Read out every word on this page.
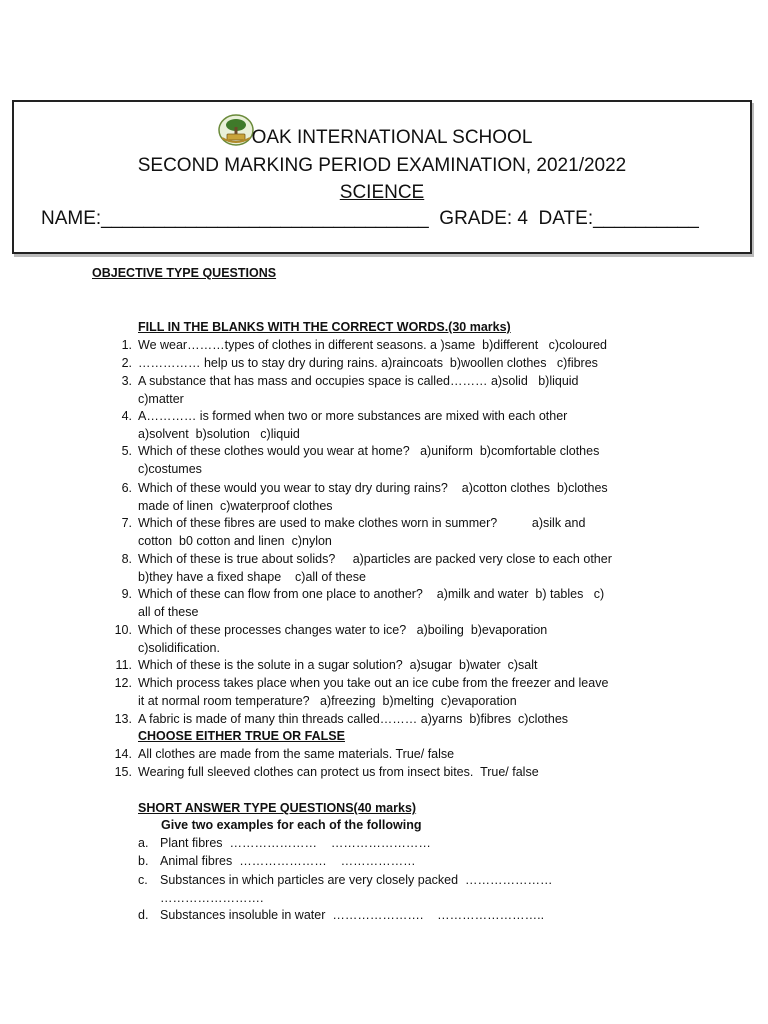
OAK INTERNATIONAL SCHOOL
SECOND MARKING PERIOD EXAMINATION, 2021/2022
SCIENCE
NAME:_______________________________  GRADE: 4  DATE:__________
OBJECTIVE TYPE QUESTIONS
FILL IN THE BLANKS WITH THE CORRECT WORDS.(30 marks)
1. We wear………types of clothes in different seasons. a )same  b)different   c)coloured
2. …………… help us to stay dry during rains. a)raincoats  b)woollen clothes   c)fibres
3. A substance that has mass and occupies space is called……… a)solid   b)liquid
c)matter
4. A………… is formed when two or more substances are mixed with each other
a)solvent  b)solution   c)liquid
5. Which of these clothes would you wear at home?   a)uniform  b)comfortable clothes
c)costumes
6. Which of these would you wear to stay dry during rains?    a)cotton clothes  b)clothes
made of linen  c)waterproof clothes
7. Which of these fibres are used to make clothes worn in summer?          a)silk and
cotton  b0 cotton and linen  c)nylon
8. Which of these is true about solids?     a)particles are packed very close to each other
b)they have a fixed shape    c)all of these
9. Which of these can flow from one place to another?    a)milk and water  b) tables   c)
all of these
10. Which of these processes changes water to ice?   a)boiling  b)evaporation
c)solidification.
11. Which of these is the solute in a sugar solution?  a)sugar  b)water  c)salt
12. Which process takes place when you take out an ice cube from the freezer and leave
it at normal room temperature?   a)freezing  b)melting  c)evaporation
13. A fabric is made of many thin threads called……… a)yarns  b)fibres  c)clothes
CHOOSE EITHER TRUE OR FALSE
14. All clothes are made from the same materials. True/ false
15. Wearing full sleeved clothes can protect us from insect bites.  True/ false
SHORT ANSWER TYPE QUESTIONS(40 marks)
Give two examples for each of the following
a. Plant fibres  …………………    ……………………
b. Animal fibres  …………………    ………………
c. Substances in which particles are very closely packed  …………………
…………………….
d. Substances insoluble in water  ………………….    ……………………..
